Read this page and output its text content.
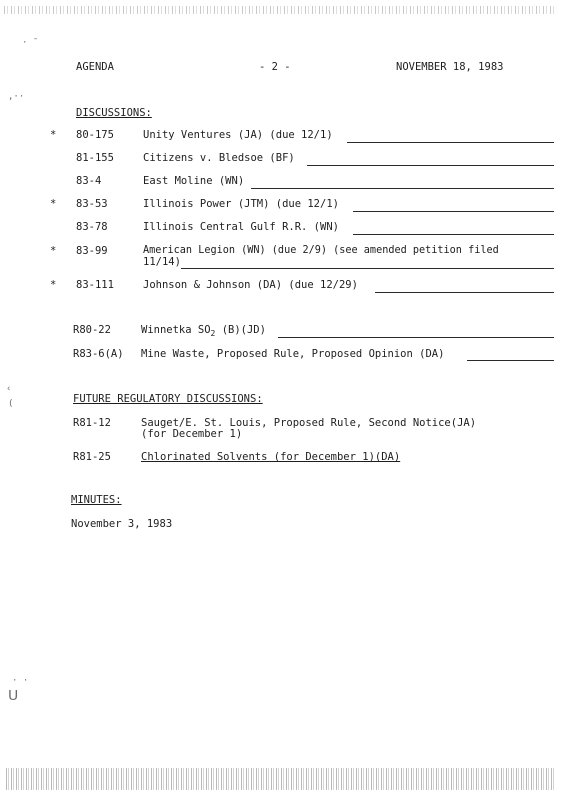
AGENDA	- 2 -	NOVEMBER 18, 1983
DISCUSSIONS:
* 80-175	Unity Ventures (JA) (due 12/1)
81-155	Citizens v. Bledsoe (BF)
83-4	East Moline (WN)
* 83-53	Illinois Power (JTM) (due 12/1)
83-78	Illinois Central Gulf R.R. (WN)
* 83-99	American Legion (WN) (due 2/9) (see amended petition filed
11/14)
* 83-111	Johnson & Johnson (DA) (due 12/29)
R80-22	Winnetka $SO_2$ (B)(JD)
R83-6(A) Mine Waste, Proposed Rule, Proposed Opinion (DA)
FUTURE REGULATORY DISCUSSIONS:
R81-12	Sauget/E. St. Louis, Proposed Rule, Second Notice(JA)
(for December 1)
R81-25	Chlorinated Solvents (for December 1)(DA)
MINUTES:
November 3, 1983
· ˉ
,··
‹
(
· ·
ᑌ
